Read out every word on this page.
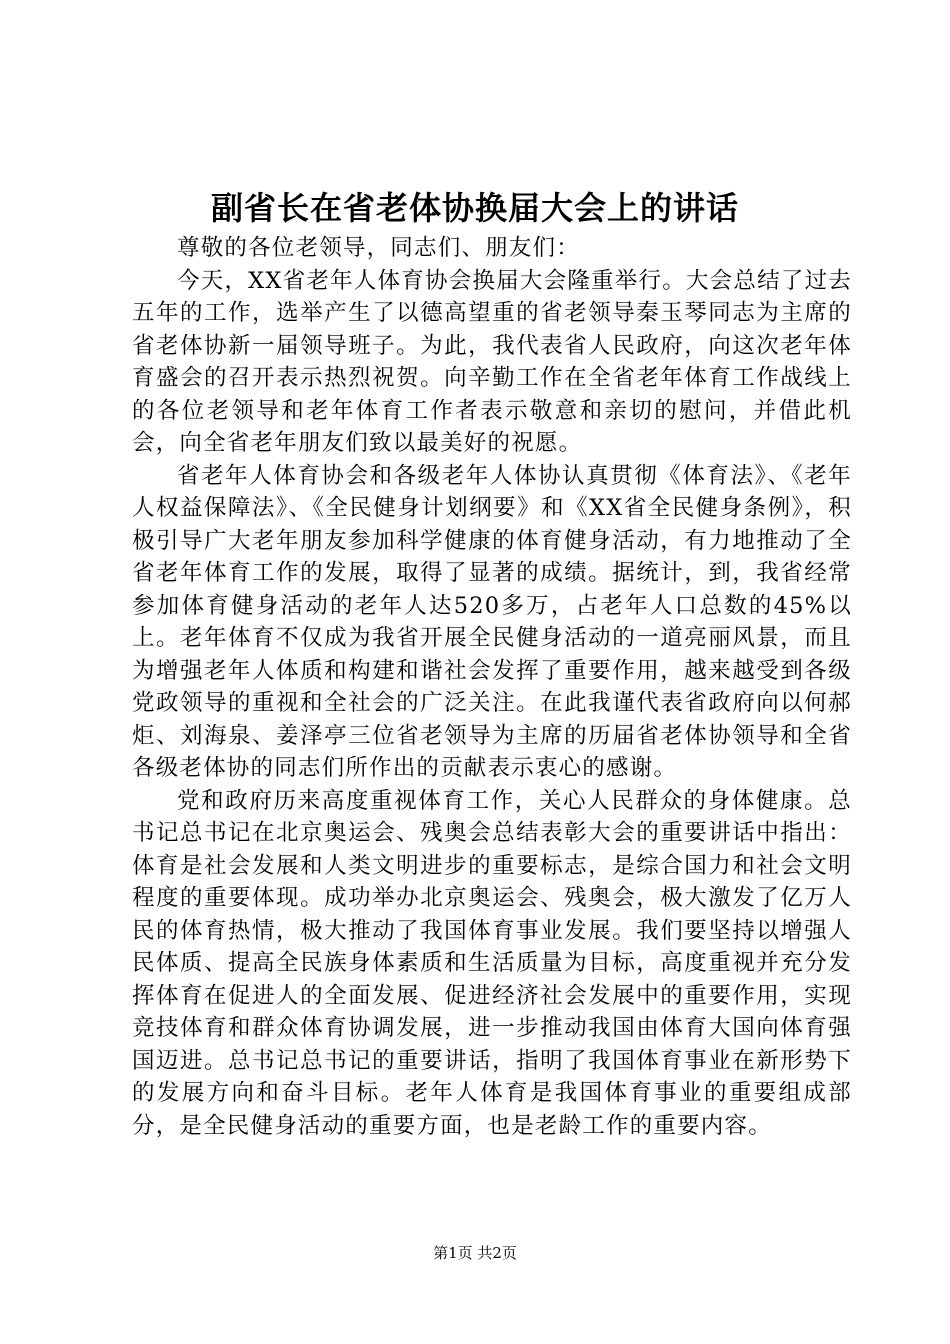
副省长在省老体协换届大会上的讲话

尊敬的各位老领导，同志们、朋友们：

今天，XX省老年人体育协会换届大会隆重举行。大会总结了过去五年的工作，选举产生了以德高望重的省老领导秦玉琴同志为主席的省老体协新一届领导班子。为此，我代表省人民政府，向这次老年体育盛会的召开表示热烈祝贺。向辛勤工作在全省老年体育工作战线上的各位老领导和老年体育工作者表示敬意和亲切的慰问，并借此机会，向全省老年朋友们致以最美好的祝愿。

省老年人体育协会和各级老年人体协认真贯彻《体育法》、《老年人权益保障法》、《全民健身计划纲要》和《XX省全民健身条例》，积极引导广大老年朋友参加科学健康的体育健身活动，有力地推动了全省老年体育工作的发展，取得了显著的成绩。据统计，到，我省经常参加体育健身活动的老年人达520多万，占老年人口总数的45%以上。老年体育不仅成为我省开展全民健身活动的一道亮丽风景，而且为增强老年人体质和构建和谐社会发挥了重要作用，越来越受到各级党政领导的重视和全社会的广泛关注。在此我谨代表省政府向以何郝炬、刘海泉、姜泽亭三位省老领导为主席的历届省老体协领导和全省各级老体协的同志们所作出的贡献表示衷心的感谢。

党和政府历来高度重视体育工作，关心人民群众的身体健康。总书记总书记在北京奥运会、残奥会总结表彰大会的重要讲话中指出：体育是社会发展和人类文明进步的重要标志，是综合国力和社会文明程度的重要体现。成功举办北京奥运会、残奥会，极大激发了亿万人民的体育热情，极大推动了我国体育事业发展。我们要坚持以增强人民体质、提高全民族身体素质和生活质量为目标，高度重视并充分发挥体育在促进人的全面发展、促进经济社会发展中的重要作用，实现竞技体育和群众体育协调发展，进一步推动我国由体育大国向体育强国迈进。总书记总书记的重要讲话，指明了我国体育事业在新形势下的发展方向和奋斗目标。老年人体育是我国体育事业的重要组成部分，是全民健身活动的重要方面，也是老龄工作的重要内容。

第1页 共2页
